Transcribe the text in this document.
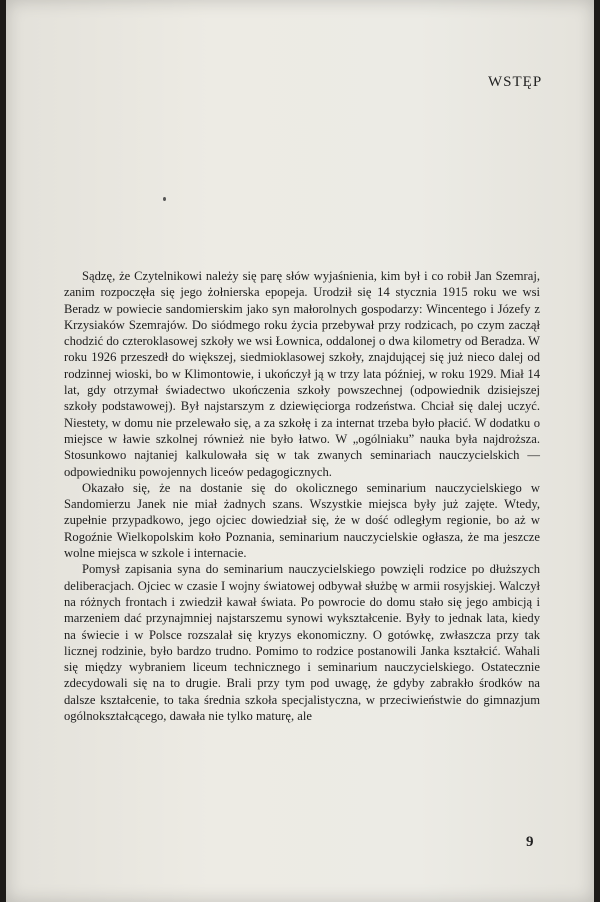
WSTĘP

Sądzę, że Czytelnikowi należy się parę słów wyjaśnienia, kim był i co robił Jan Szemraj, zanim rozpoczęła się jego żołnierska epopeja. Urodził się 14 stycznia 1915 roku we wsi Beradz w powiecie sandomierskim jako syn małorolnych gospodarzy: Wincentego i Józefy z Krzysiaków Szemrajów. Do siódmego roku życia przebywał przy rodzicach, po czym zaczął chodzić do czteroklasowej szkoły we wsi Łownica, oddalonej o dwa kilometry od Beradza. W roku 1926 przeszedł do większej, siedmioklasowej szkoły, znajdującej się już nieco dalej od rodzinnej wioski, bo w Klimontowie, i ukończył ją w trzy lata później, w roku 1929. Miał 14 lat, gdy otrzymał świadectwo ukończenia szkoły powszechnej (odpowiednik dzisiejszej szkoły podstawowej). Był najstarszym z dziewięciorga rodzeństwa. Chciał się dalej uczyć. Niestety, w domu nie przelewało się, a za szkołę i za internat trzeba było płacić. W dodatku o miejsce w ławie szkolnej również nie było łatwo. W „ogólniaku” nauka była najdroższa. Stosunkowo najtaniej kalkulowała się w tak zwanych seminariach nauczycielskich — odpowiedniku powojennych liceów pedagogicznych.

Okazało się, że na dostanie się do okolicznego seminarium nauczycielskiego w Sandomierzu Janek nie miał żadnych szans. Wszystkie miejsca były już zajęte. Wtedy, zupełnie przypadkowo, jego ojciec dowiedział się, że w dość odległym regionie, bo aż w Rogoźnie Wielkopolskim koło Poznania, seminarium nauczycielskie ogłasza, że ma jeszcze wolne miejsca w szkole i internacie.

Pomysł zapisania syna do seminarium nauczycielskiego powzięli rodzice po dłuższych deliberacjach. Ojciec w czasie I wojny światowej odbywał służbę w armii rosyjskiej. Walczył na różnych frontach i zwiedził kawał świata. Po powrocie do domu stało się jego ambicją i marzeniem dać przynajmniej najstarszemu synowi wykształcenie. Były to jednak lata, kiedy na świecie i w Polsce rozszalał się kryzys ekonomiczny. O gotówkę, zwłaszcza przy tak licznej rodzinie, było bardzo trudno. Pomimo to rodzice postanowili Janka kształcić. Wahali się między wybraniem liceum technicznego i seminarium nauczycielskiego. Ostatecznie zdecydowali się na to drugie. Brali przy tym pod uwagę, że gdyby zabrakło środków na dalsze kształcenie, to taka średnia szkoła specjalistyczna, w przeciwieństwie do gimnazjum ogólnokształcącego, dawała nie tylko maturę, ale

9
